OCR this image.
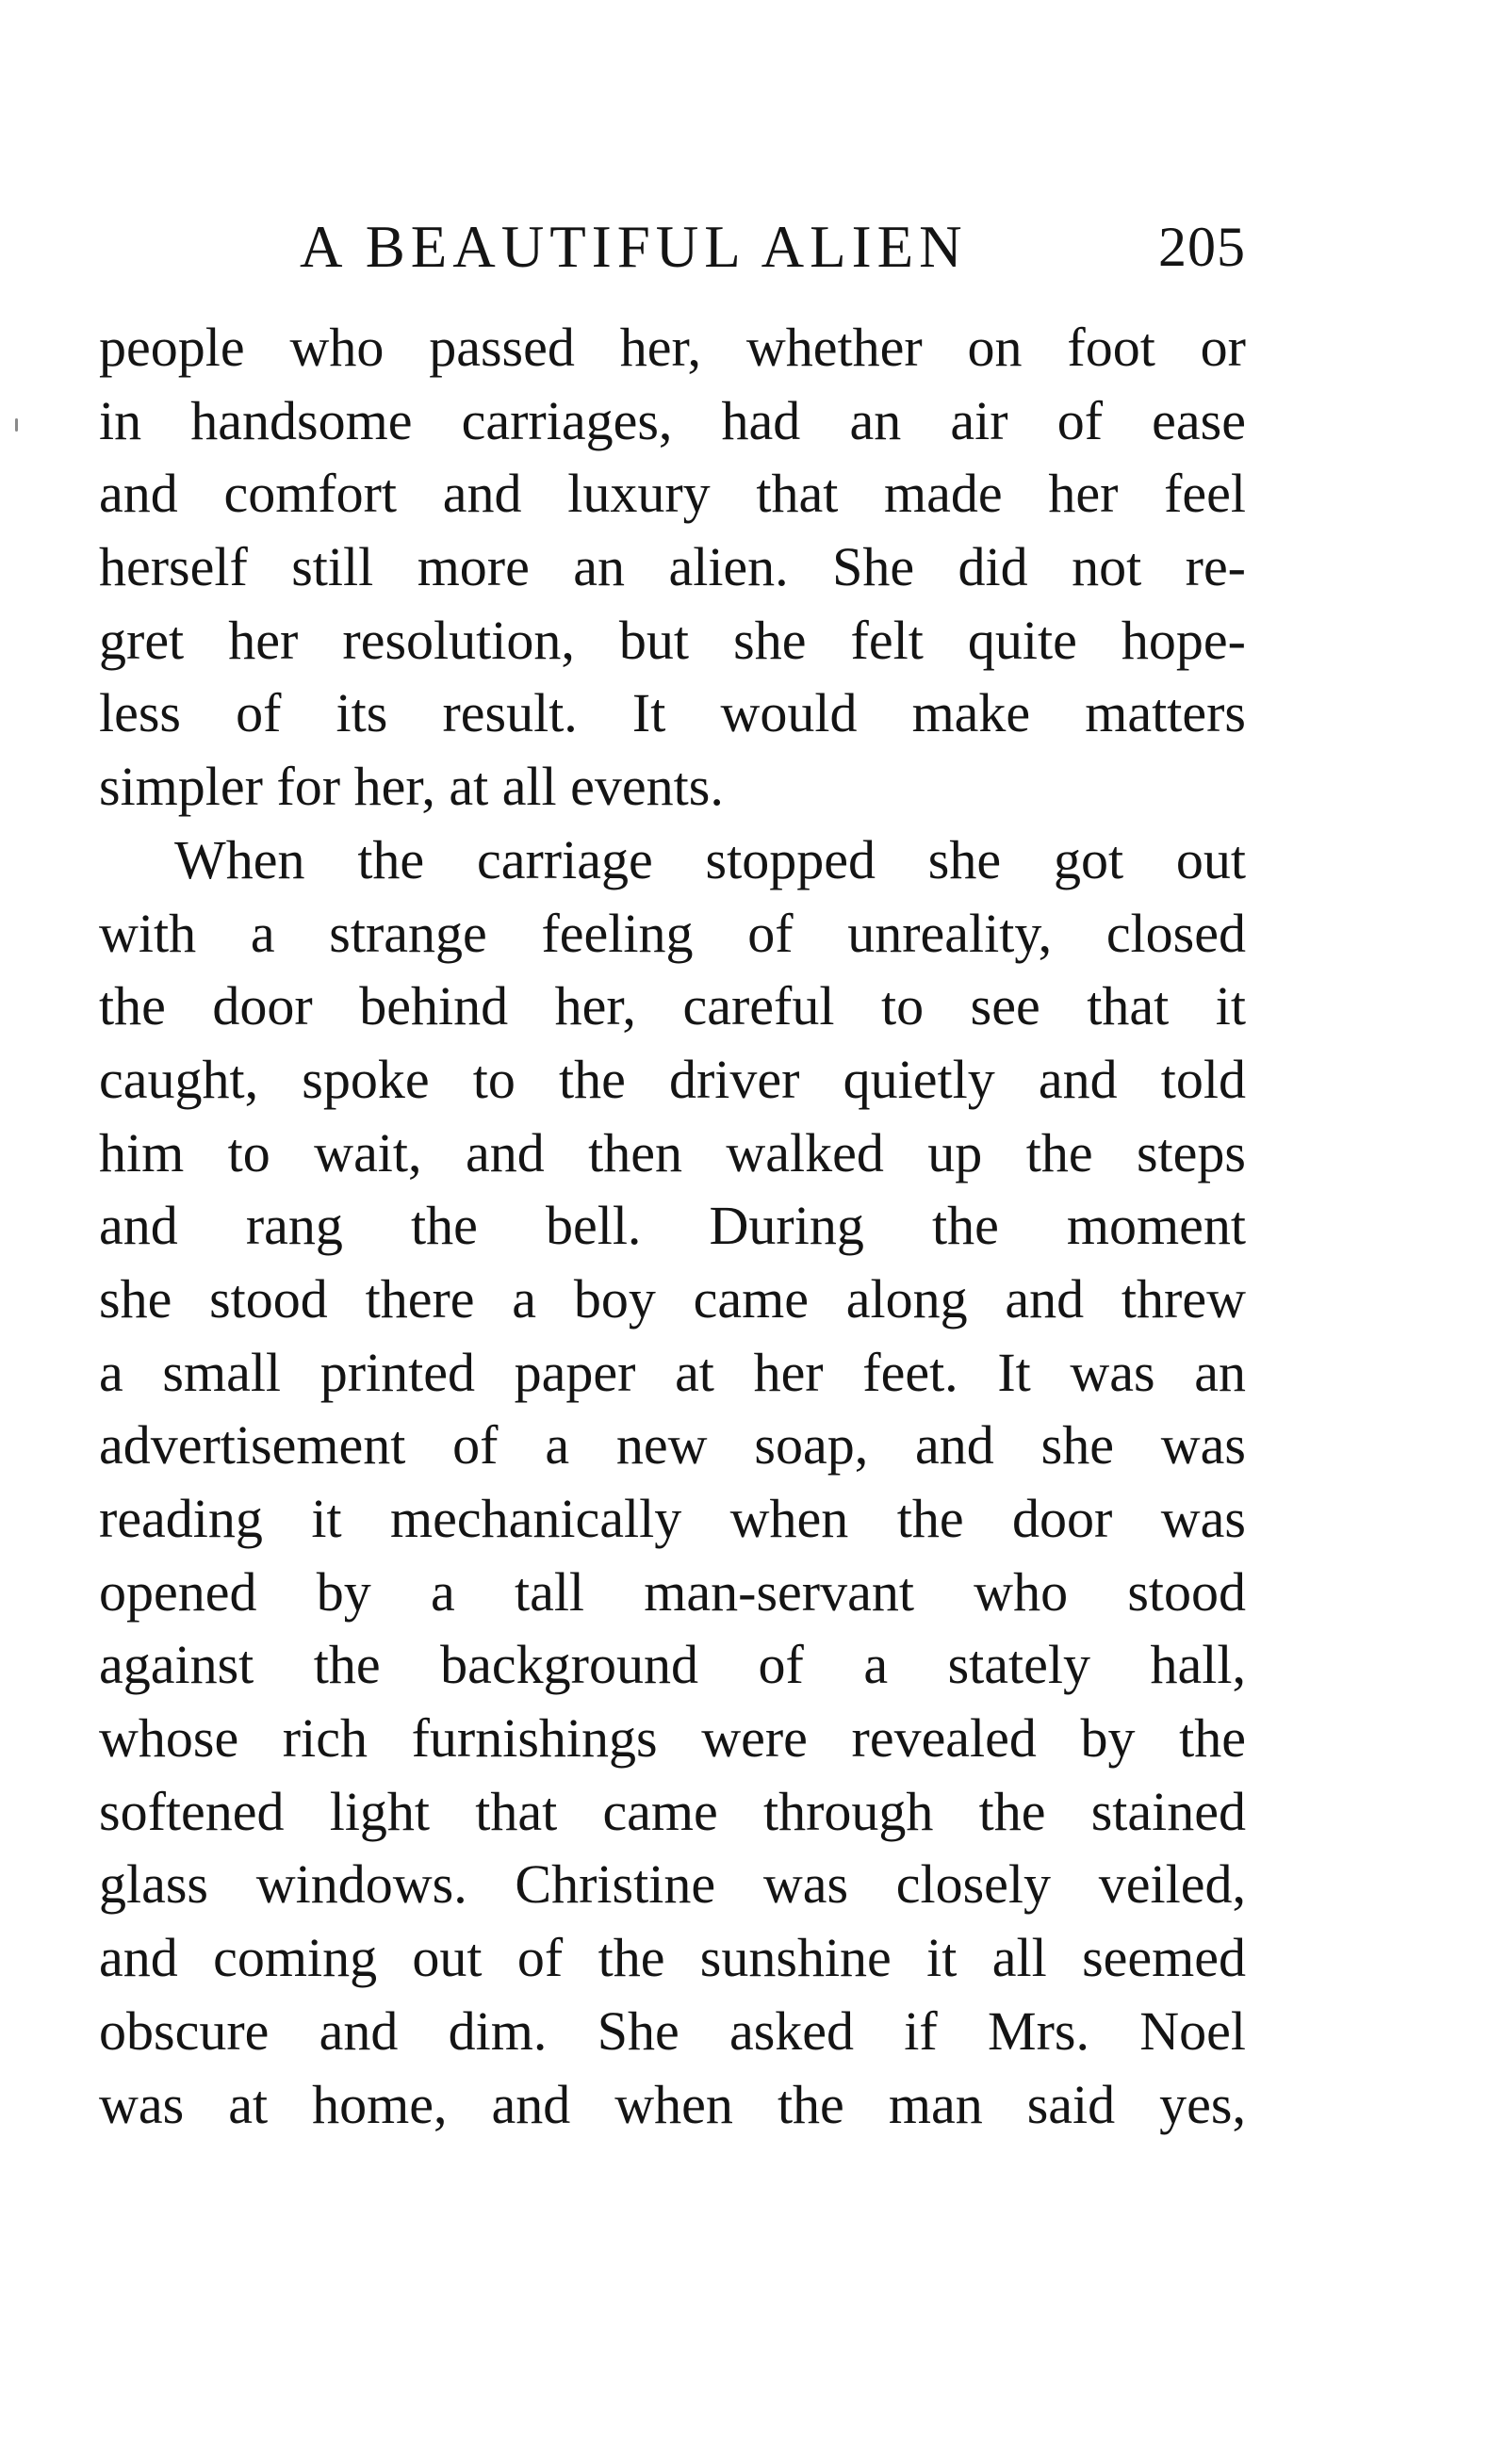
A BEAUTIFUL ALIEN	205
people who passed her, whether on foot or
in handsome carriages, had an air of ease
and comfort and luxury that made her feel
herself still more an alien. She did not re-
gret her resolution, but she felt quite hope-
less of its result. It would make matters
simpler for her, at all events.
When the carriage stopped she got out
with a strange feeling of unreality, closed
the door behind her, careful to see that it
caught, spoke to the driver quietly and told
him to wait, and then walked up the steps
and rang the bell. During the moment
she stood there a boy came along and threw
a small printed paper at her feet. It was an
advertisement of a new soap, and she was
reading it mechanically when the door was
opened by a tall man-servant who stood
against the background of a stately hall,
whose rich furnishings were revealed by the
softened light that came through the stained
glass windows. Christine was closely veiled,
and coming out of the sunshine it all seemed
obscure and dim. She asked if Mrs. Noel
was at home, and when the man said yes,
